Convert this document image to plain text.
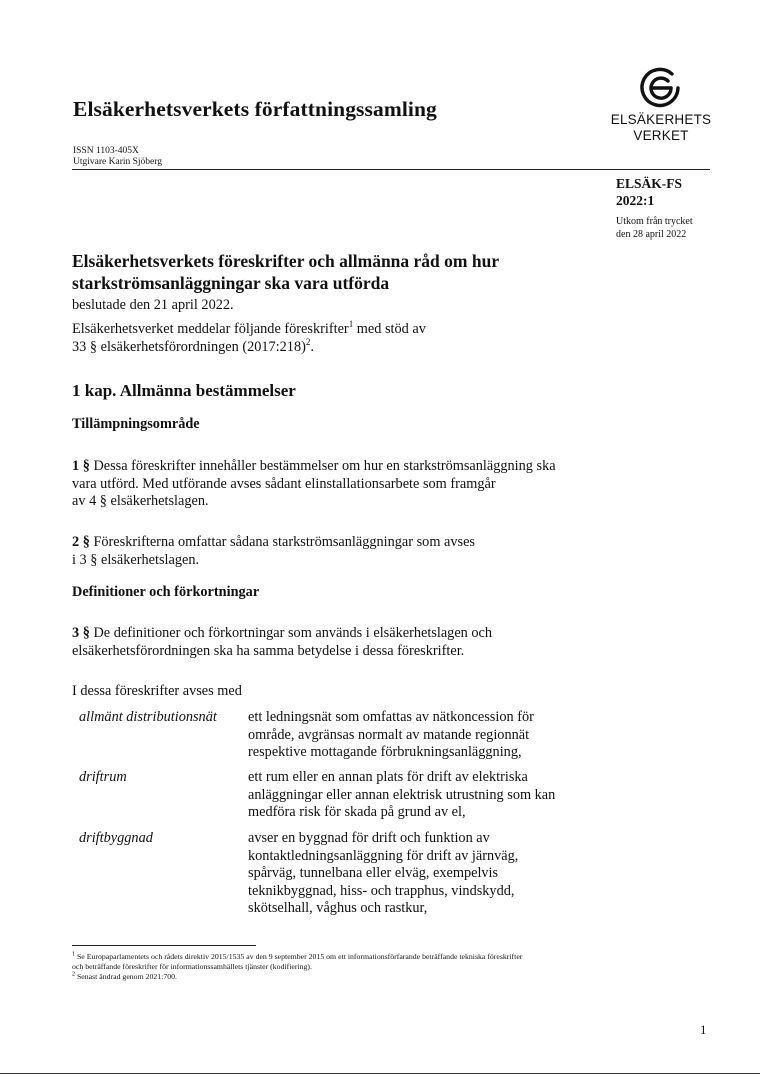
Elsäkerhetsverkets författningssamling
ISSN 1103-405X
Utgivare Karin Sjöberg
ELSÄKERHETS
VERKET
ELSÄK-FS
2022:1
Utkom från trycket
den 28 april 2022
Elsäkerhetsverkets föreskrifter och allmänna råd om hur
starkströmsanläggningar ska vara utförda
beslutade den 21 april 2022.
Elsäkerhetsverket meddelar följande föreskrifter$^1$ med stöd av
33 § elsäkerhetsförordningen (2017:218)$^2$.
1 kap. Allmänna bestämmelser
Tillämpningsområde
1 § Dessa föreskrifter innehåller bestämmelser om hur en starkströmsanläggning ska
vara utförd. Med utförande avses sådant elinstallationsarbete som framgår
av 4 § elsäkerhetslagen.
2 § Föreskrifterna omfattar sådana starkströmsanläggningar som avses
i 3 § elsäkerhetslagen.
Definitioner och förkortningar
3 § De definitioner och förkortningar som används i elsäkerhetslagen och
elsäkerhetsförordningen ska ha samma betydelse i dessa föreskrifter.
I dessa föreskrifter avses med
allmänt distributionsnät ett ledningsnät som omfattas av nätkoncession för
område, avgränsas normalt av matande regionnät
respektive mottagande förbrukningsanläggning,
driftrum	ett rum eller en annan plats för drift av elektriska
anläggningar eller annan elektrisk utrustning som kan
medföra risk för skada på grund av el,
driftbyggnad	avser en byggnad för drift och funktion av
kontaktledningsanläggning för drift av järnväg,
spårväg, tunnelbana eller elväg, exempelvis
teknikbyggnad, hiss- och trapphus, vindskydd,
skötselhall, våghus och rastkur,
$^1$ Se Europaparlamentets och rådets direktiv 2015/1535 av den 9 september 2015 om ett informationsförfarande beträffande tekniska föreskrifter
och beträffande föreskrifter för informationssamhällets tjänster (kodifiering).
$^2$ Senast ändrad genom 2021:700.
1
